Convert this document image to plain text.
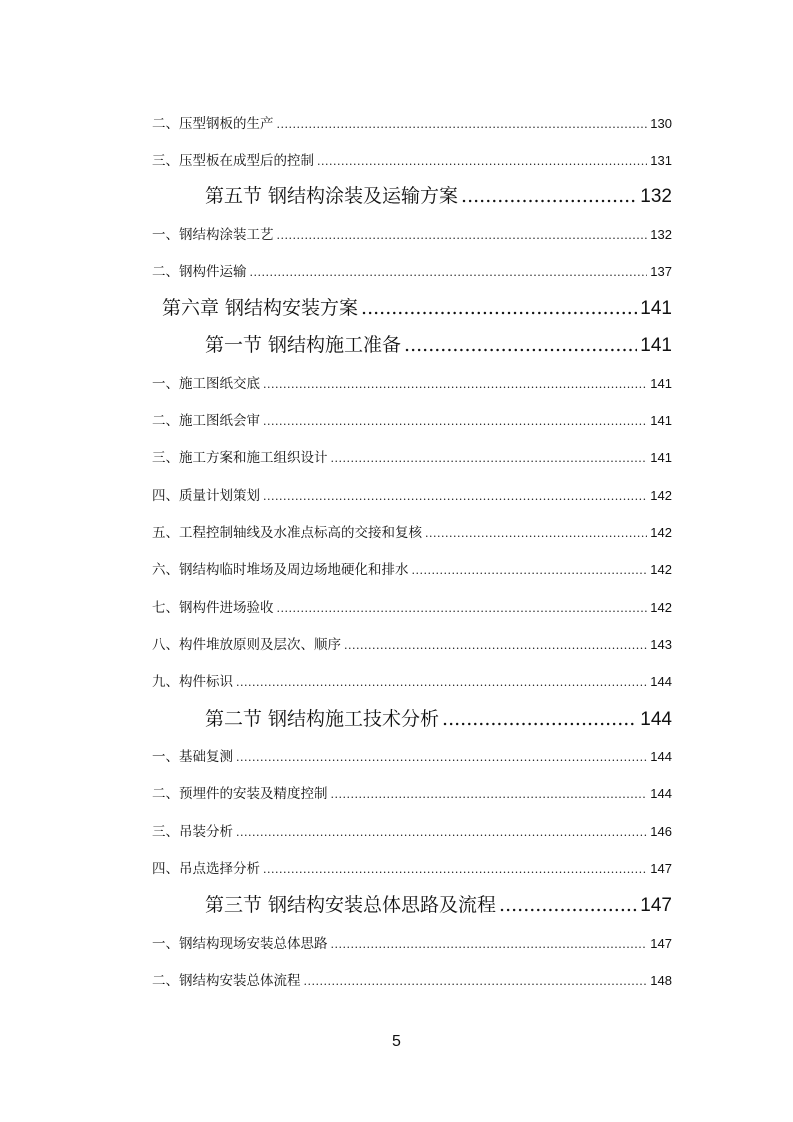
二、压型钢板的生产 .....	130
三、压型板在成型后的控制 .....	131
第五节 钢结构涂装及运输方案 .....	132
一、钢结构涂装工艺 .....	132
二、钢构件运输 .....	137
第六章 钢结构安装方案 .....	141
第一节 钢结构施工准备 .....	141
一、施工图纸交底 .....	141
二、施工图纸会审 .....	141
三、施工方案和施工组织设计 .....	141
四、质量计划策划 .....	142
五、工程控制轴线及水准点标高的交接和复核 .....	142
六、钢结构临时堆场及周边场地硬化和排水 .....	142
七、钢构件进场验收 .....	142
八、构件堆放原则及层次、顺序 .....	143
九、构件标识 .....	144
第二节 钢结构施工技术分析 .....	144
一、基础复测 .....	144
二、预埋件的安装及精度控制 .....	144
三、吊装分析 .....	146
四、吊点选择分析 .....	147
第三节 钢结构安装总体思路及流程 .....	147
一、钢结构现场安装总体思路 .....	147
二、钢结构安装总体流程 .....	148
5
